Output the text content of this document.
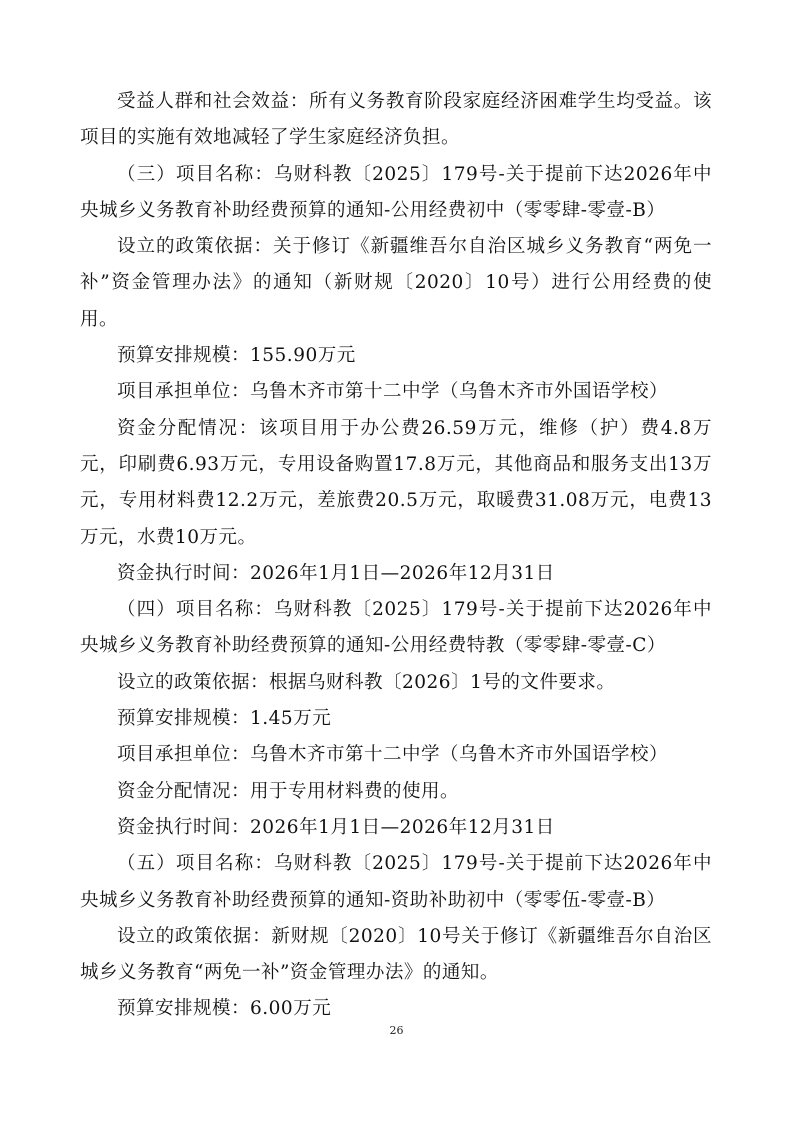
受益人群和社会效益：所有义务教育阶段家庭经济困难学生均受益。该项目的实施有效地减轻了学生家庭经济负担。

（三）项目名称：乌财科教〔2025〕179号-关于提前下达2026年中央城乡义务教育补助经费预算的通知-公用经费初中（零零肆-零壹-B）

设立的政策依据：关于修订《新疆维吾尔自治区城乡义务教育“两免一补”资金管理办法》的通知（新财规〔2020〕10号）进行公用经费的使用。

预算安排规模：155.90万元

项目承担单位：乌鲁木齐市第十二中学（乌鲁木齐市外国语学校）

资金分配情况：该项目用于办公费26.59万元，维修（护）费4.8万元，印刷费6.93万元，专用设备购置17.8万元，其他商品和服务支出13万元，专用材料费12.2万元，差旅费20.5万元，取暖费31.08万元，电费13万元，水费10万元。

资金执行时间：2026年1月1日—2026年12月31日

（四）项目名称：乌财科教〔2025〕179号-关于提前下达2026年中央城乡义务教育补助经费预算的通知-公用经费特教（零零肆-零壹-C）

设立的政策依据：根据乌财科教〔2026〕1号的文件要求。

预算安排规模：1.45万元

项目承担单位：乌鲁木齐市第十二中学（乌鲁木齐市外国语学校）

资金分配情况：用于专用材料费的使用。

资金执行时间：2026年1月1日—2026年12月31日

（五）项目名称：乌财科教〔2025〕179号-关于提前下达2026年中央城乡义务教育补助经费预算的通知-资助补助初中（零零伍-零壹-B）

设立的政策依据：新财规〔2020〕10号关于修订《新疆维吾尔自治区城乡义务教育“两免一补”资金管理办法》的通知。

预算安排规模：6.00万元

26
